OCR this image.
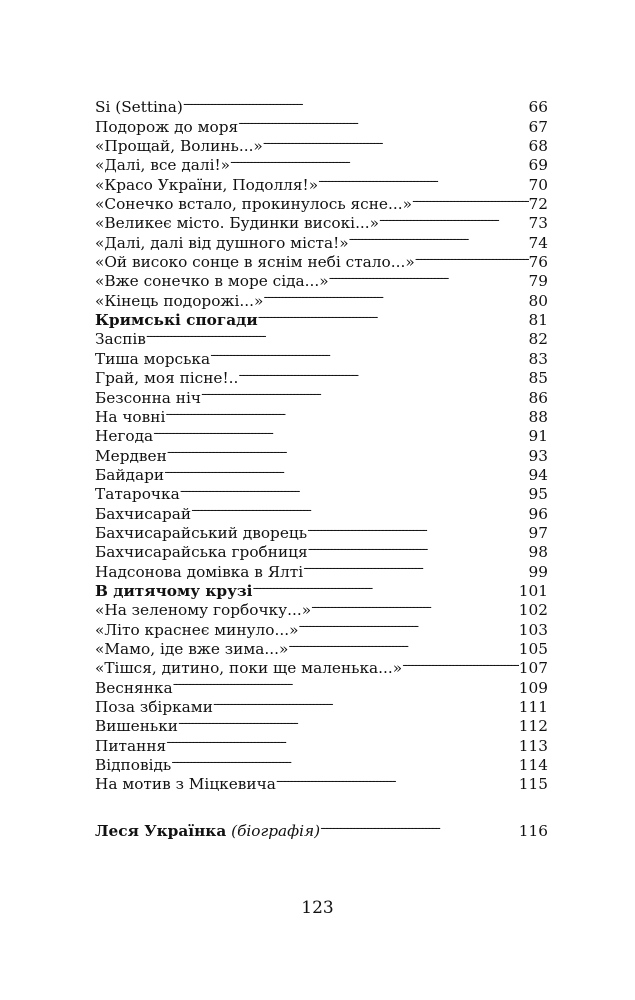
Si (Settina) . . .	66
Подорож до моря . . .	67
«Прощай, Волинь...» . . .	68
«Далі, все далі!» . . .	69
«Красо України, Подолля!» . . .	70
«Сонечко встало, прокинулось ясне...» . . .	72
«Великеє місто. Будинки високі...» . . .	73
«Далі, далі від душного міста!» . . .	74
«Ой високо сонце в яснім небі стало...» . . .	76
«Вже сонечко в море сіда...» . . .	79
«Кінець подорожі...» . . .	80
Кримські спогади . . .	81
Заспів . . .	82
Тиша морська . . .	83
Грай, моя пісне!.. . . .	85
Безсонна ніч . . .	86
На човні . . .	88
Негода . . .	91
Мердвен . . .	93
Байдари . . .	94
Татарочка . . .	95
Бахчисарай . . .	96
Бахчисарайський дворець . . .	97
Бахчисарайська гробниця . . .	98
Надсонова домівка в Ялті . . .	99
В дитячому крузі . . .	101
«На зеленому горбочку...» . . .	102
«Літо краснеє минуло...» . . .	103
«Мамо, іде вже зима...» . . .	105
«Тішся, дитино, поки ще маленька...» . . .	107
Веснянка . . .	109
Поза збірками . . .	111
Вишеньки . . .	112
Питання . . .	113
Відповідь . . .	114
На мотив з Міцкевича . . .	115
Леся Українка (біографія) . . .	116
123
